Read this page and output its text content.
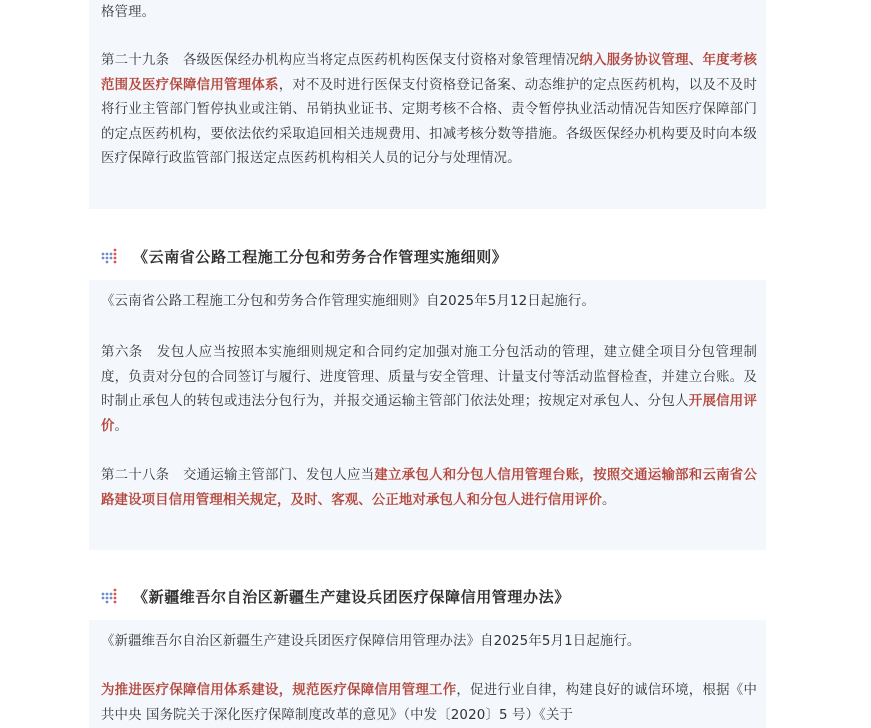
格管理。

第二十九条　各级医保经办机构应当将定点医药机构医保支付资格对象管理情况纳入服务协议管理、年度考核范围及医疗保障信用管理体系，对不及时进行医保支付资格登记备案、动态维护的定点医药机构，以及不及时将行业主管部门暂停执业或注销、吊销执业证书、定期考核不合格、责令暂停执业活动情况告知医疗保障部门的定点医药机构，要依法依约采取追回相关违规费用、扣减考核分数等措施。各级医保经办机构要及时向本级医疗保障行政监管部门报送定点医药机构相关人员的记分与处理情况。

《云南省公路工程施工分包和劳务合作管理实施细则》

《云南省公路工程施工分包和劳务合作管理实施细则》自2025年5月12日起施行。

第六条　发包人应当按照本实施细则规定和合同约定加强对施工分包活动的管理，建立健全项目分包管理制度，负责对分包的合同签订与履行、进度管理、质量与安全管理、计量支付等活动监督检查，并建立台账。及时制止承包人的转包或违法分包行为，并报交通运输主管部门依法处理；按规定对承包人、分包人开展信用评价。

第二十八条　交通运输主管部门、发包人应当建立承包人和分包人信用管理台账，按照交通运输部和云南省公路建设项目信用管理相关规定，及时、客观、公正地对承包人和分包人进行信用评价。

《新疆维吾尔自治区新疆生产建设兵团医疗保障信用管理办法》

《新疆维吾尔自治区新疆生产建设兵团医疗保障信用管理办法》自2025年5月1日起施行。

为推进医疗保障信用体系建设，规范医疗保障信用管理工作，促进行业自律，构建良好的诚信环境，根据《中共中央 国务院关于深化医疗保障制度改革的意见》（中发〔2020〕5 号）《关于
